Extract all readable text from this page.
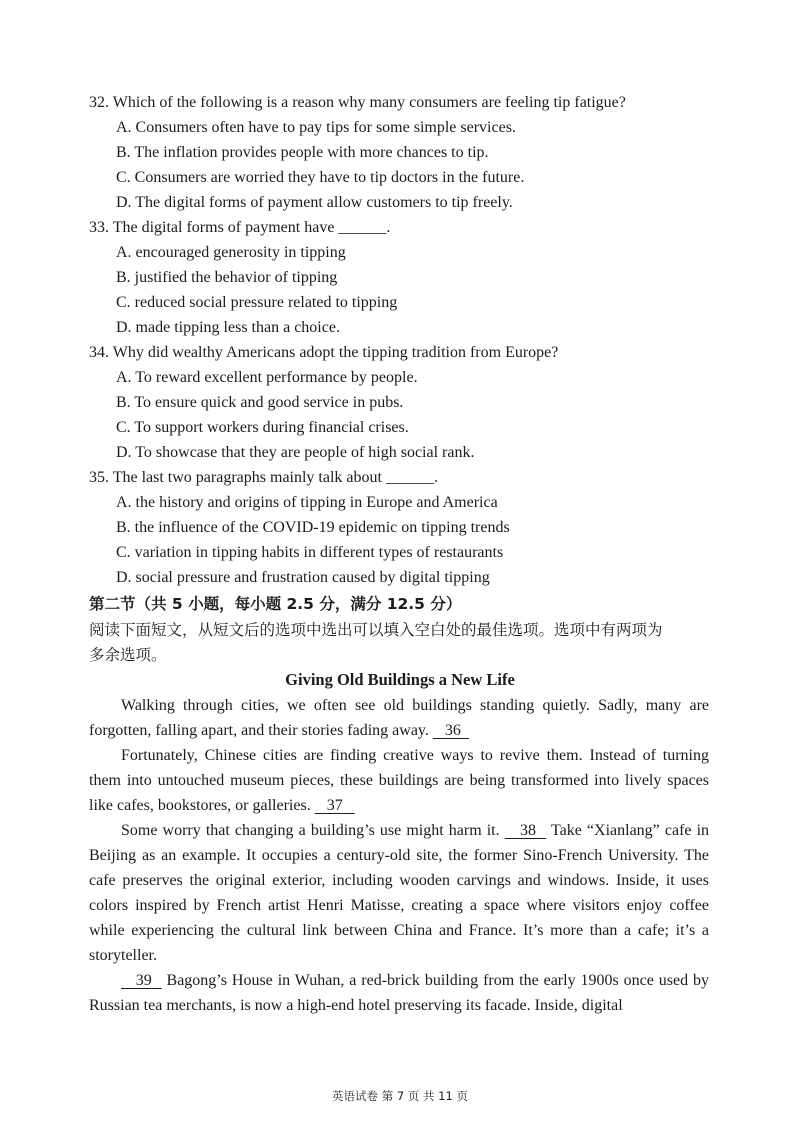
32. Which of the following is a reason why many consumers are feeling tip fatigue?
A. Consumers often have to pay tips for some simple services.
B. The inflation provides people with more chances to tip.
C. Consumers are worried they have to tip doctors in the future.
D. The digital forms of payment allow customers to tip freely.
33. The digital forms of payment have ______.
A. encouraged generosity in tipping
B. justified the behavior of tipping
C. reduced social pressure related to tipping
D. made tipping less than a choice.
34. Why did wealthy Americans adopt the tipping tradition from Europe?
A. To reward excellent performance by people.
B. To ensure quick and good service in pubs.
C. To support workers during financial crises.
D. To showcase that they are people of high social rank.
35. The last two paragraphs mainly talk about ______.
A. the history and origins of tipping in Europe and America
B. the influence of the COVID-19 epidemic on tipping trends
C. variation in tipping habits in different types of restaurants
D. social pressure and frustration caused by digital tipping
第二节（共 5 小题，每小题 2.5 分，满分 12.5 分）
阅读下面短文，从短文后的选项中选出可以填入空白处的最佳选项。选项中有两项为
多余选项。
Giving Old Buildings a New Life
Walking through cities, we often see old buildings standing quietly. Sadly, many are forgotten, falling apart, and their stories fading away. 36
Fortunately, Chinese cities are finding creative ways to revive them. Instead of turning them into untouched museum pieces, these buildings are being transformed into lively spaces like cafes, bookstores, or galleries. 37
Some worry that changing a building’s use might harm it. 38 Take “Xianlang” cafe in Beijing as an example. It occupies a century-old site, the former Sino-French University. The cafe preserves the original exterior, including wooden carvings and windows. Inside, it uses colors inspired by French artist Henri Matisse, creating a space where visitors enjoy coffee while experiencing the cultural link between China and France. It’s more than a cafe; it’s a storyteller.
39 Bagong’s House in Wuhan, a red-brick building from the early 1900s once used by Russian tea merchants, is now a high-end hotel preserving its facade. Inside, digital
英语试卷 第 7 页 共 11 页
